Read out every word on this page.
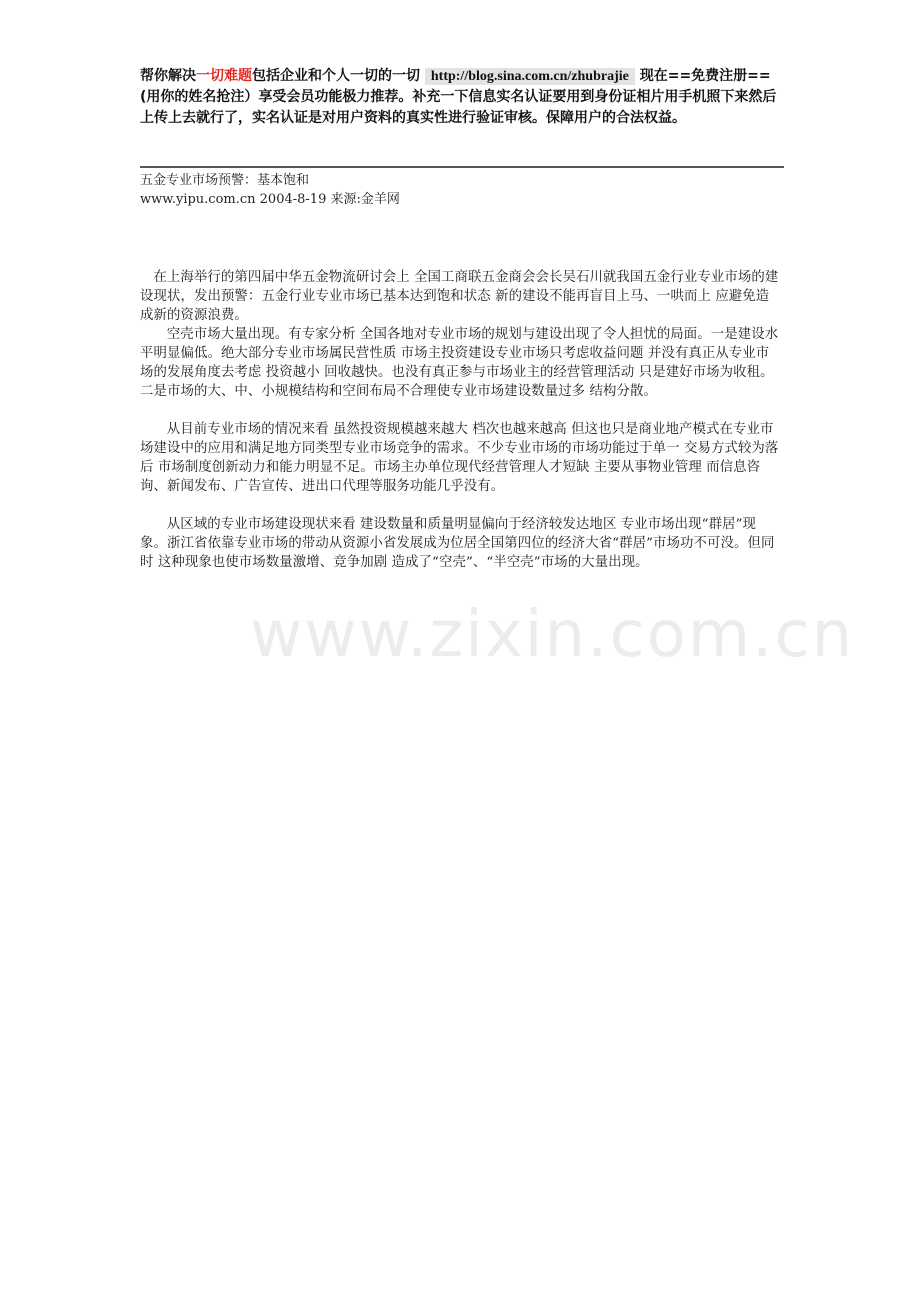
帮你解决一切难题包括企业和个人一切的一切 http://blog.sina.com.cn/zhubrajie 现在==免费注册==(用你的姓名抢注）享受会员功能极力推荐。补充一下信息实名认证要用到身份证相片用手机照下来然后上传上去就行了，实名认证是对用户资料的真实性进行验证审核。保障用户的合法权益。
五金专业市场预警：基本饱和
www.yipu.com.cn 2004-8-19 来源:金羊网

在上海举行的第四届中华五金物流研讨会上 全国工商联五金商会会长吴石川就我国五金行业专业市场的建设现状，发出预警：五金行业专业市场已基本达到饱和状态 新的建设不能再盲目上马、一哄而上 应避免造成新的资源浪费。

空壳市场大量出现。有专家分析 全国各地对专业市场的规划与建设出现了令人担忧的局面。一是建设水平明显偏低。绝大部分专业市场属民营性质 市场主投资建设专业市场只考虑收益问题 并没有真正从专业市场的发展角度去考虑 投资越小 回收越快。也没有真正参与市场业主的经营管理活动 只是建好市场为收租。二是市场的大、中、小规模结构和空间布局不合理使专业市场建设数量过多 结构分散。

从目前专业市场的情况来看 虽然投资规模越来越大 档次也越来越高 但这也只是商业地产模式在专业市场建设中的应用和满足地方同类型专业市场竞争的需求。不少专业市场的市场功能过于单一 交易方式较为落后 市场制度创新动力和能力明显不足。市场主办单位现代经营管理人才短缺 主要从事物业管理 而信息咨询、新闻发布、广告宣传、进出口代理等服务功能几乎没有。

从区域的专业市场建设现状来看 建设数量和质量明显偏向于经济较发达地区 专业市场出现“群居”现象。浙江省依靠专业市场的带动从资源小省发展成为位居全国第四位的经济大省“群居”市场功不可没。但同时 这种现象也使市场数量激增、竞争加剧 造成了“空壳”、“半空壳”市场的大量出现。

www.zixin.com.cn
